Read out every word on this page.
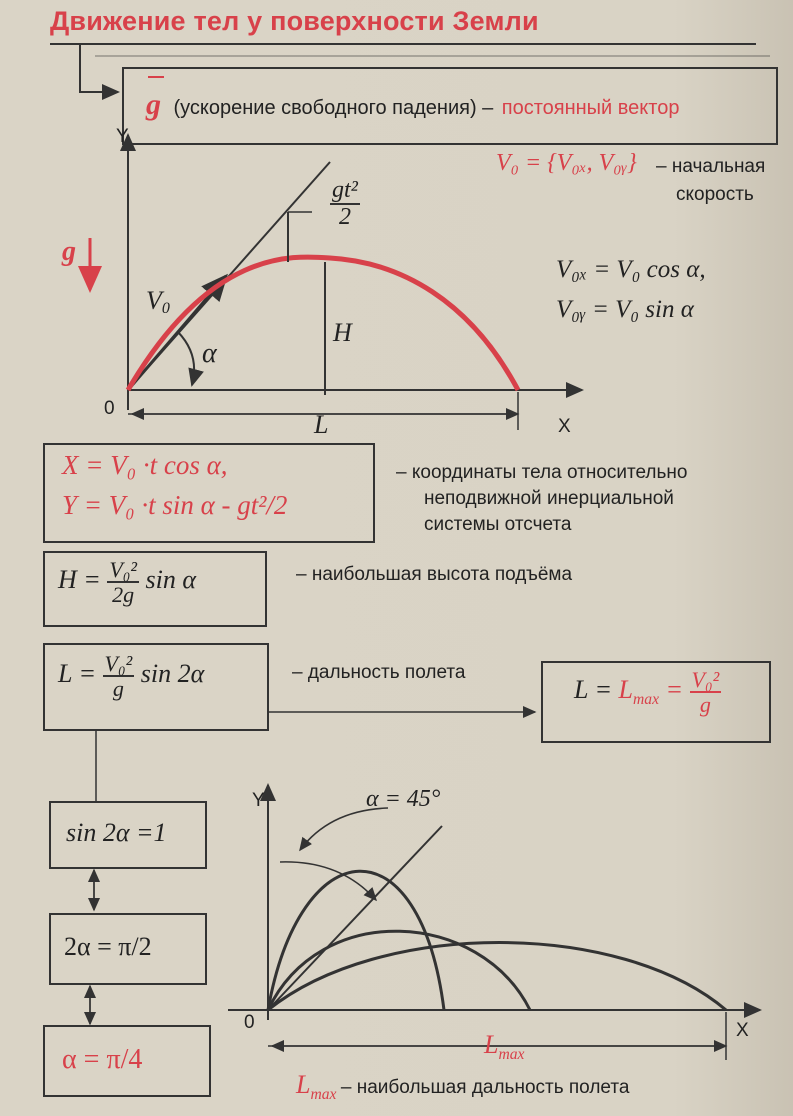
Движение тел у поверхности Земли
g (ускорение свободного падения) – постоянный вектор
Y
X
0
g
$V_0$
α
H
L
$\frac{\text{gt²}}{2}$
V₀ = {V₀ₓ, V₀ᵧ} – начальная
скорость
V₀ₓ = V₀ cos α,
V₀ᵧ = V₀ sin α
X = V₀ ·t cos α,
Y = V₀ ·t sin α - gt²/2
– координаты тела относительно
неподвижной инерциальной
системы отсчета
$H = \frac{\text{V₀²}}{2g}$ sin α	– наибольшая высота подъёма
$L = \frac{\text{V₀²}}{g}$ sin 2α	– дальность полета
$L = L_{max} = \frac{\text{V₀²}}{g}$
sin 2α =1
2α = π/2
α = π/4
Y
X
0
α = 45°
$L_{max}$
$L_{max}$ – наибольшая дальность полета
